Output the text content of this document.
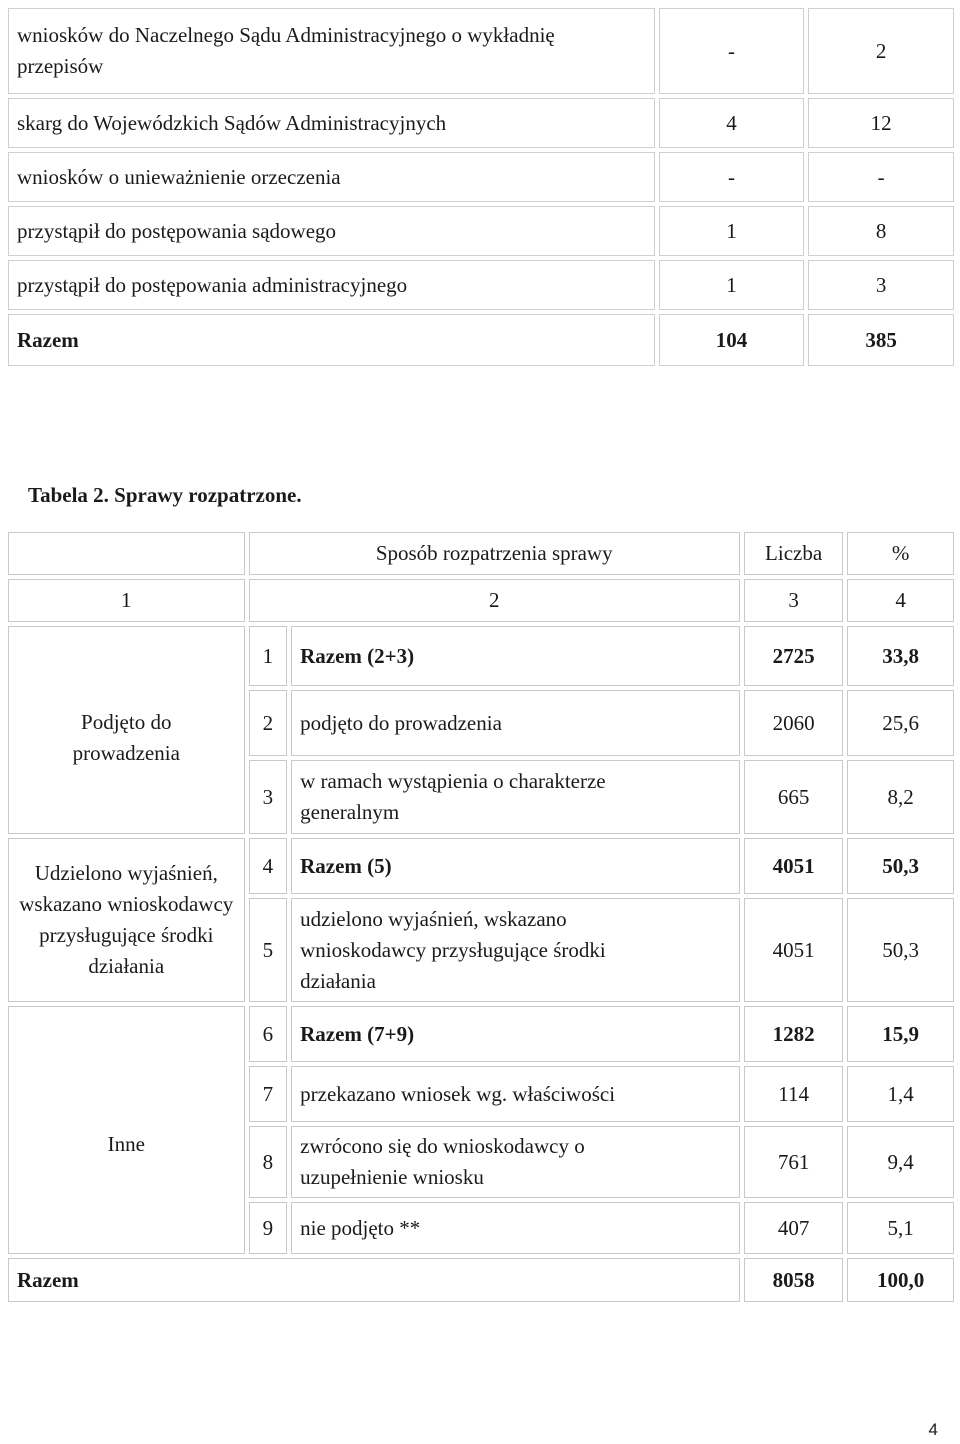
wniosków do Naczelnego Sądu Administracyjnego o wykładnię przepisów	-	2
skarg do Wojewódzkich Sądów Administracyjnych	4	12
wniosków o unieważnienie orzeczenia	-	-
przystąpił do postępowania sądowego	1	8
przystąpił do postępowania administracyjnego	1	3
Razem	104	385
Tabela 2. Sprawy rozpatrzone.
	Sposób rozpatrzenia sprawy		Liczba	%
1	2		3	4

Podjęto do prowadzenia	1	Razem (2+3)	2725	33,8
	2	podjęto do prowadzenia	2060	25,6
	3	w ramach wystąpienia o charakterze generalnym	665	8,2

Udzielono wyjaśnień, wskazano wnioskodawcy przysługujące środki działania	4	Razem (5)	4051	50,3
	5	udzielono wyjaśnień, wskazano wnioskodawcy przysługujące środki działania	4051	50,3
Inne	6	Razem (7+9)	1282	15,9
	7	przekazano wniosek wg. właściwości	114	1,4
	8	zwrócono się do wnioskodawcy o uzupełnienie wniosku	761	9,4
	9	nie podjęto **	407	5,1
Razem			8058	100,0
4
